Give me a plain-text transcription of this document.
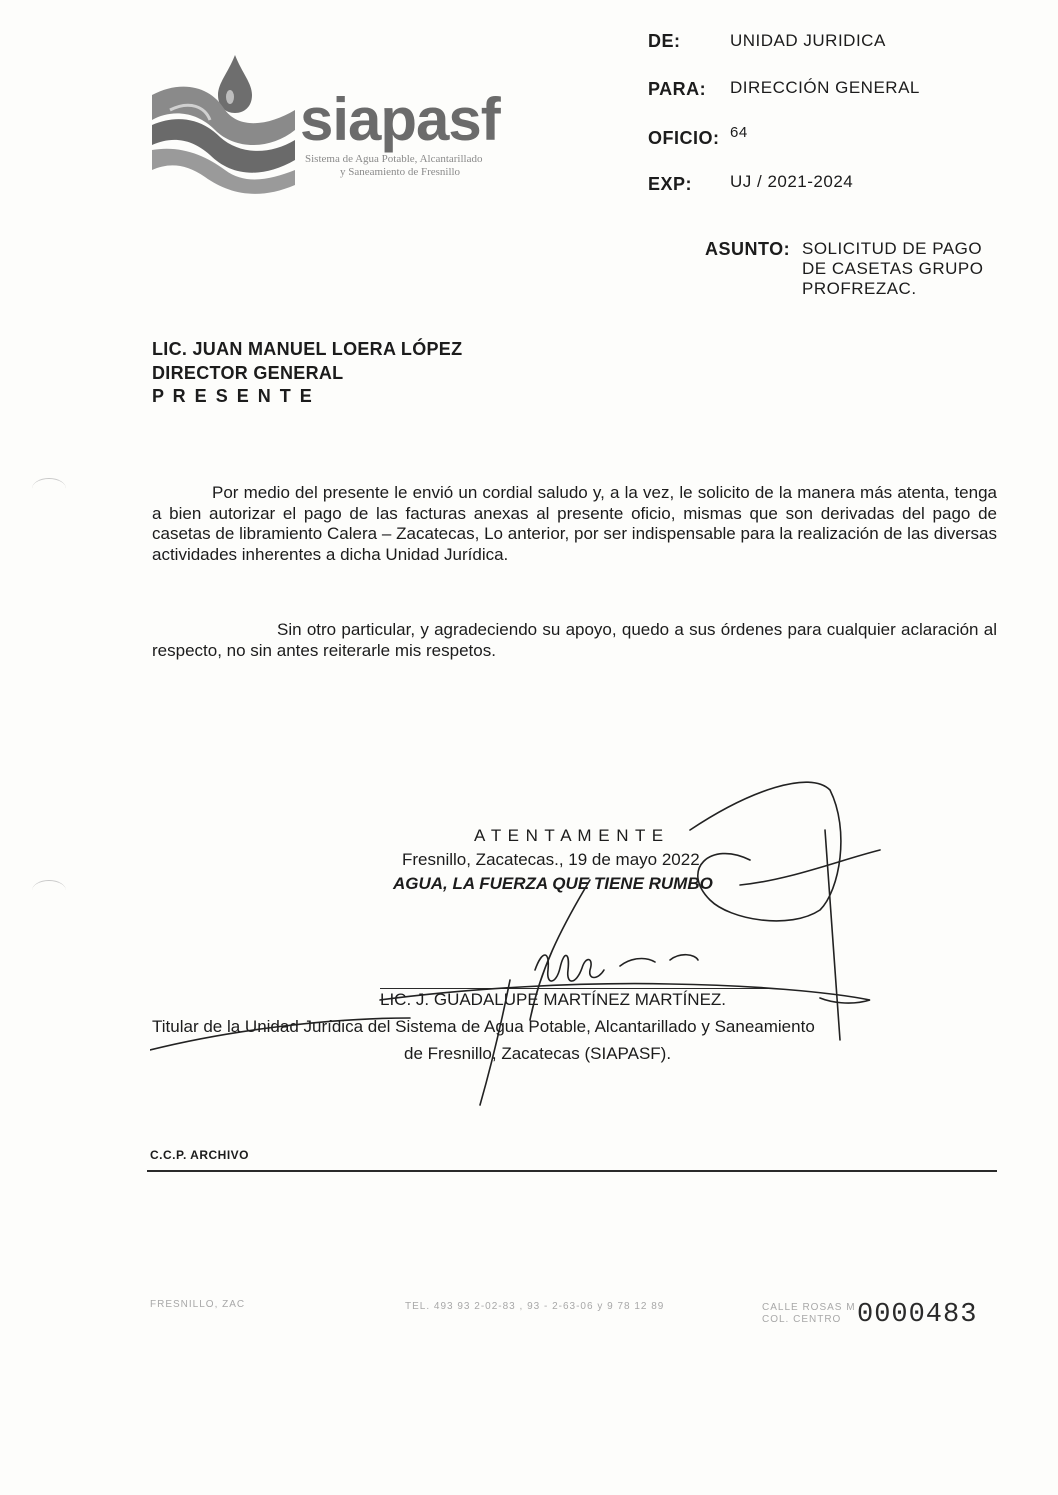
DE:	UNIDAD JURIDICA
PARA: DIRECCIÓN GENERAL
OFICIO: 64
EXP: UJ / 2021-2024
ASUNTO: SOLICITUD DE PAGO
DE CASETAS GRUPO
PROFREZAC.
siapasf
Sistema de Agua Potable, Alcantarillado
y Saneamiento de Fresnillo
LIC. JUAN MANUEL LOERA LÓPEZ
DIRECTOR GENERAL
P R E S E N T E
Por medio del presente le envió un cordial saludo y, a la vez, le solicito de la manera más atenta, tenga a bien autorizar el pago de las facturas anexas al presente oficio, mismas que son derivadas del pago de casetas de libramiento Calera – Zacatecas, Lo anterior, por ser indispensable para la realización de las diversas actividades inherentes a dicha Unidad Jurídica.
Sin otro particular, y agradeciendo su apoyo, quedo a sus órdenes para cualquier aclaración al respecto, no sin antes reiterarle mis respetos.
A T E N T A M E N T E
Fresnillo, Zacatecas., 19 de mayo 2022
AGUA, LA FUERZA QUE TIENE RUMBO
LIC. J. GUADALUPE MARTÍNEZ MARTÍNEZ.
Titular de la Unidad Jurídica del Sistema de Agua Potable, Alcantarillado y Saneamiento
de Fresnillo, Zacatecas (SIAPASF).
C.C.P. ARCHIVO
FRESNILLO, ZAC	TEL. 493 93 2-02-83 , 93 - 2-63-06 y 9 78 12 89	CALLE ROSAS M
COL. CENTRO 0000483
